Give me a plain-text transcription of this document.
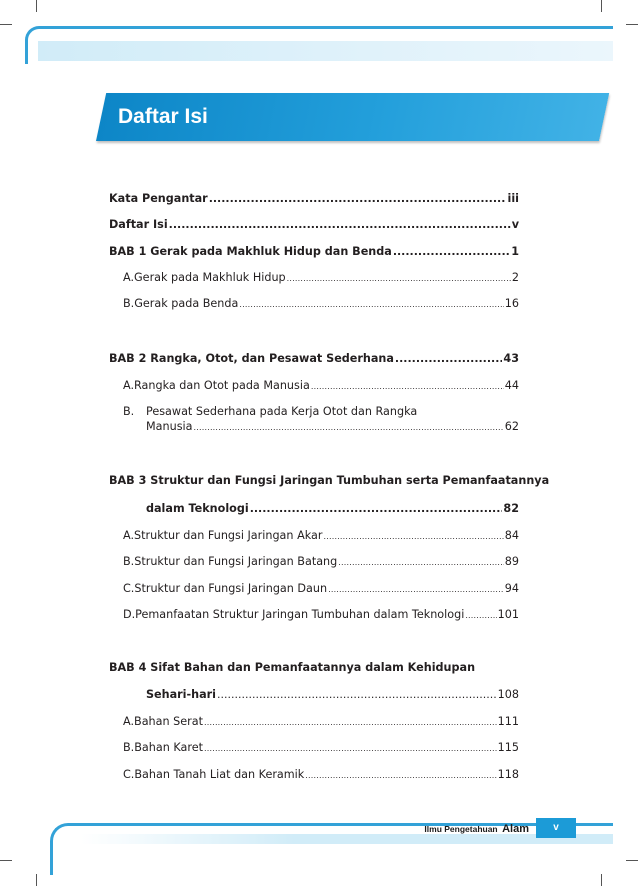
Daftar Isi
Kata Pengantar .....	iii
Daftar Isi .....	v
BAB 1 Gerak pada Makhluk Hidup dan Benda .....	1
A. Gerak pada Makhluk Hidup .....	2
B. Gerak pada Benda .....	16
BAB 2 Rangka, Otot, dan Pesawat Sederhana .....	43
A. Rangka dan Otot pada Manusia .....	44
B. Pesawat Sederhana pada Kerja Otot dan Rangka
Manusia .....	62
BAB 3 Struktur dan Fungsi Jaringan Tumbuhan serta Pemanfaatannya
dalam Teknologi .....	82
A. Struktur dan Fungsi Jaringan Akar .....	84
B. Struktur dan Fungsi Jaringan Batang .....	89
C. Struktur dan Fungsi Jaringan Daun .....	94
D. Pemanfaatan Struktur Jaringan Tumbuhan dalam Teknologi .....	101
BAB 4 Sifat Bahan dan Pemanfaatannya dalam Kehidupan
Sehari-hari .....	108
A. Bahan Serat .....	111
B. Bahan Karet .....	115
C. Bahan Tanah Liat dan Keramik .....	118
Ilmu Pengetahuan Alam	v
